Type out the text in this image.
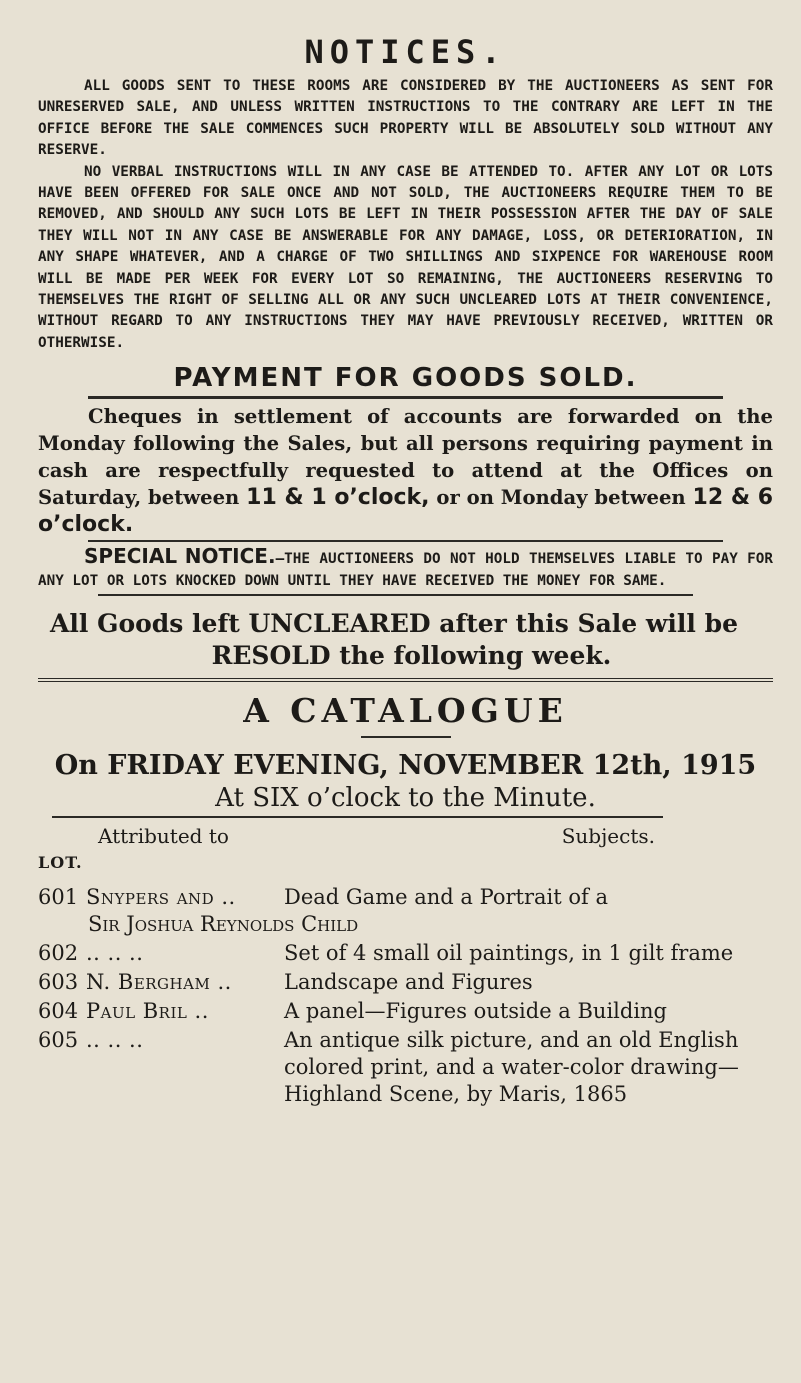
NOTICES.

ALL GOODS SENT TO THESE ROOMS ARE CONSIDERED BY THE AUCTIONEERS AS SENT FOR UNRESERVED SALE, AND UNLESS WRITTEN INSTRUCTIONS TO THE CONTRARY ARE LEFT IN THE OFFICE BEFORE THE SALE COMMENCES SUCH PROPERTY WILL BE ABSOLUTELY SOLD WITHOUT ANY RESERVE.

NO VERBAL INSTRUCTIONS WILL IN ANY CASE BE ATTENDED TO. AFTER ANY LOT OR LOTS HAVE BEEN OFFERED FOR SALE ONCE AND NOT SOLD, THE AUCTIONEERS REQUIRE THEM TO BE REMOVED, AND SHOULD ANY SUCH LOTS BE LEFT IN THEIR POSSESSION AFTER THE DAY OF SALE THEY WILL NOT IN ANY CASE BE ANSWERABLE FOR ANY DAMAGE, LOSS, OR DETERIORATION, IN ANY SHAPE WHATEVER, AND A CHARGE OF TWO SHILLINGS AND SIXPENCE FOR WAREHOUSE ROOM WILL BE MADE PER WEEK FOR EVERY LOT SO REMAINING, THE AUCTIONEERS RESERVING TO THEMSELVES THE RIGHT OF SELLING ALL OR ANY SUCH UNCLEARED LOTS AT THEIR CONVENIENCE, WITHOUT REGARD TO ANY INSTRUCTIONS THEY MAY HAVE PREVIOUSLY RECEIVED, WRITTEN OR OTHERWISE.

PAYMENT FOR GOODS SOLD.

Cheques in settlement of accounts are forwarded on the Monday following the Sales, but all persons requiring payment in cash are respectfully requested to attend at the Offices on Saturday, between 11 & 1 o’clock, or on Monday between 12 & 6 o’clock.

SPECIAL NOTICE.—THE AUCTIONEERS DO NOT HOLD THEMSELVES LIABLE TO PAY FOR ANY LOT OR LOTS KNOCKED DOWN UNTIL THEY HAVE RECEIVED THE MONEY FOR SAME.

All Goods left UNCLEARED after this Sale will be
RESOLD the following week.

A CATALOGUE

On FRIDAY EVENING, NOVEMBER 12th, 1915

At SIX o’clock to the Minute.

Attributed to	Subjects.
LOT.
601 Snypers and ..	Dead Game and a Portrait of a
Sir Joshua Reynolds Child
602 .. .. ..	Set of 4 small oil paintings, in 1 gilt frame
603 N. Bergham ..	Landscape and Figures
604 Paul Bril ..	A panel—Figures outside a Building
605 .. .. ..	An antique silk picture, and an old English colored print, and a water-color drawing—Highland Scene, by Maris, 1865
